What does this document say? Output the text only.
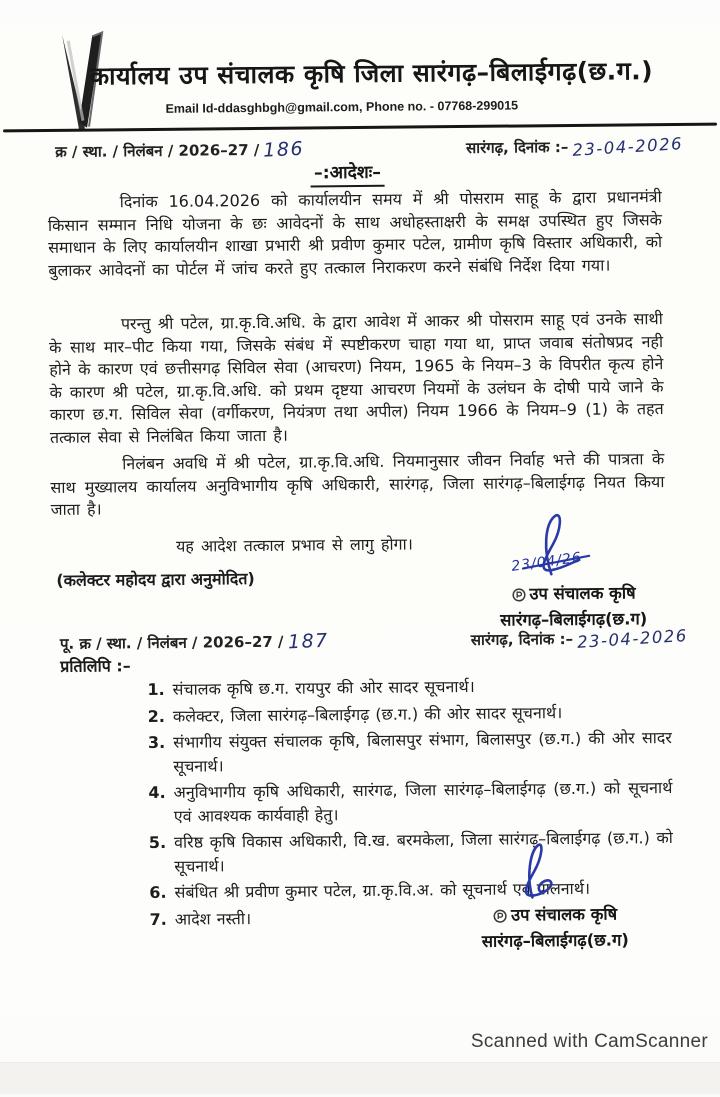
कार्यालय उप संचालक कृषि जिला सारंगढ़–बिलाईगढ़(छ.ग.)
Email Id-ddasghbgh@gmail.com, Phone no. - 07768-299015
क्र / स्था. / निलंबन / 2026–27 / 186	सारंगढ़, दिनांक :– 23-04-2026
–:आदेशः–
दिनांक 16.04.2026 को कार्यालयीन समय में श्री पोसराम साहू के द्वारा प्रधानमंत्री किसान सम्मान निधि योजना के छः आवेदनों के साथ अधोहस्ताक्षरी के समक्ष उपस्थित हुए जिसके समाधान के लिए कार्यालयीन शाखा प्रभारी श्री प्रवीण कुमार पटेल, ग्रामीण कृषि विस्तार अधिकारी, को बुलाकर आवेदनों का पोर्टल में जांच करते हुए तत्काल निराकरण करने संबंधि निर्देश दिया गया।
परन्तु श्री पटेल, ग्रा.कृ.वि.अधि. के द्वारा आवेश में आकर श्री पोसराम साहू एवं उनके साथी के साथ मार–पीट किया गया, जिसके संबंध में स्पष्टीकरण चाहा गया था, प्राप्त जवाब संतोषप्रद नही होने के कारण एवं छत्तीसगढ़ सिविल सेवा (आचरण) नियम, 1965 के नियम–3 के विपरीत कृत्य होने के कारण श्री पटेल, ग्रा.कृ.वि.अधि. को प्रथम दृष्टया आचरण नियमों के उलंघन के दोषी पाये जाने के कारण छ.ग. सिविल सेवा (वर्गीकरण, नियंत्रण तथा अपील) नियम 1966 के नियम–9 (1) के तहत तत्काल सेवा से निलंबित किया जाता है।
निलंबन अवधि में श्री पटेल, ग्रा.कृ.वि.अधि. नियमानुसार जीवन निर्वाह भत्ते की पात्रता के साथ मुख्यालय कार्यालय अनुविभागीय कृषि अधिकारी, सारंगढ़, जिला सारंगढ़–बिलाईगढ़ नियत किया जाता है।
यह आदेश तत्काल प्रभाव से लागु होगा।
(कलेक्टर महोदय द्वारा अनुमोदित)
23/04/26
उप संचालक कृषि
सारंगढ़–बिलाईगढ़(छ.ग)
पू. क्र / स्था. / निलंबन / 2026–27 / 187	सारंगढ़, दिनांक :– 23-04-2026
प्रतिलिपि :–
1. संचालक कृषि छ.ग. रायपुर की ओर सादर सूचनार्थ।
2. कलेक्टर, जिला सारंगढ़–बिलाईगढ़ (छ.ग.) की ओर सादर सूचनार्थ।
3. संभागीय संयुक्त संचालक कृषि, बिलासपुर संभाग, बिलासपुर (छ.ग.) की ओर सादर सूचनार्थ।
4. अनुविभागीय कृषि अधिकारी, सारंगढ, जिला सारंगढ़–बिलाईगढ़ (छ.ग.) को सूचनार्थ एवं आवश्यक कार्यवाही हेतु।
5. वरिष्ठ कृषि विकास अधिकारी, वि.ख. बरमकेला, जिला सारंगढ़–बिलाईगढ़ (छ.ग.) को सूचनार्थ।
6. संबंधित श्री प्रवीण कुमार पटेल, ग्रा.कृ.वि.अ. को सूचनार्थ एवं पालनार्थ।
7. आदेश नस्ती।	उप संचालक कृषि
सारंगढ़–बिलाईगढ़(छ.ग)
Scanned with CamScanner
